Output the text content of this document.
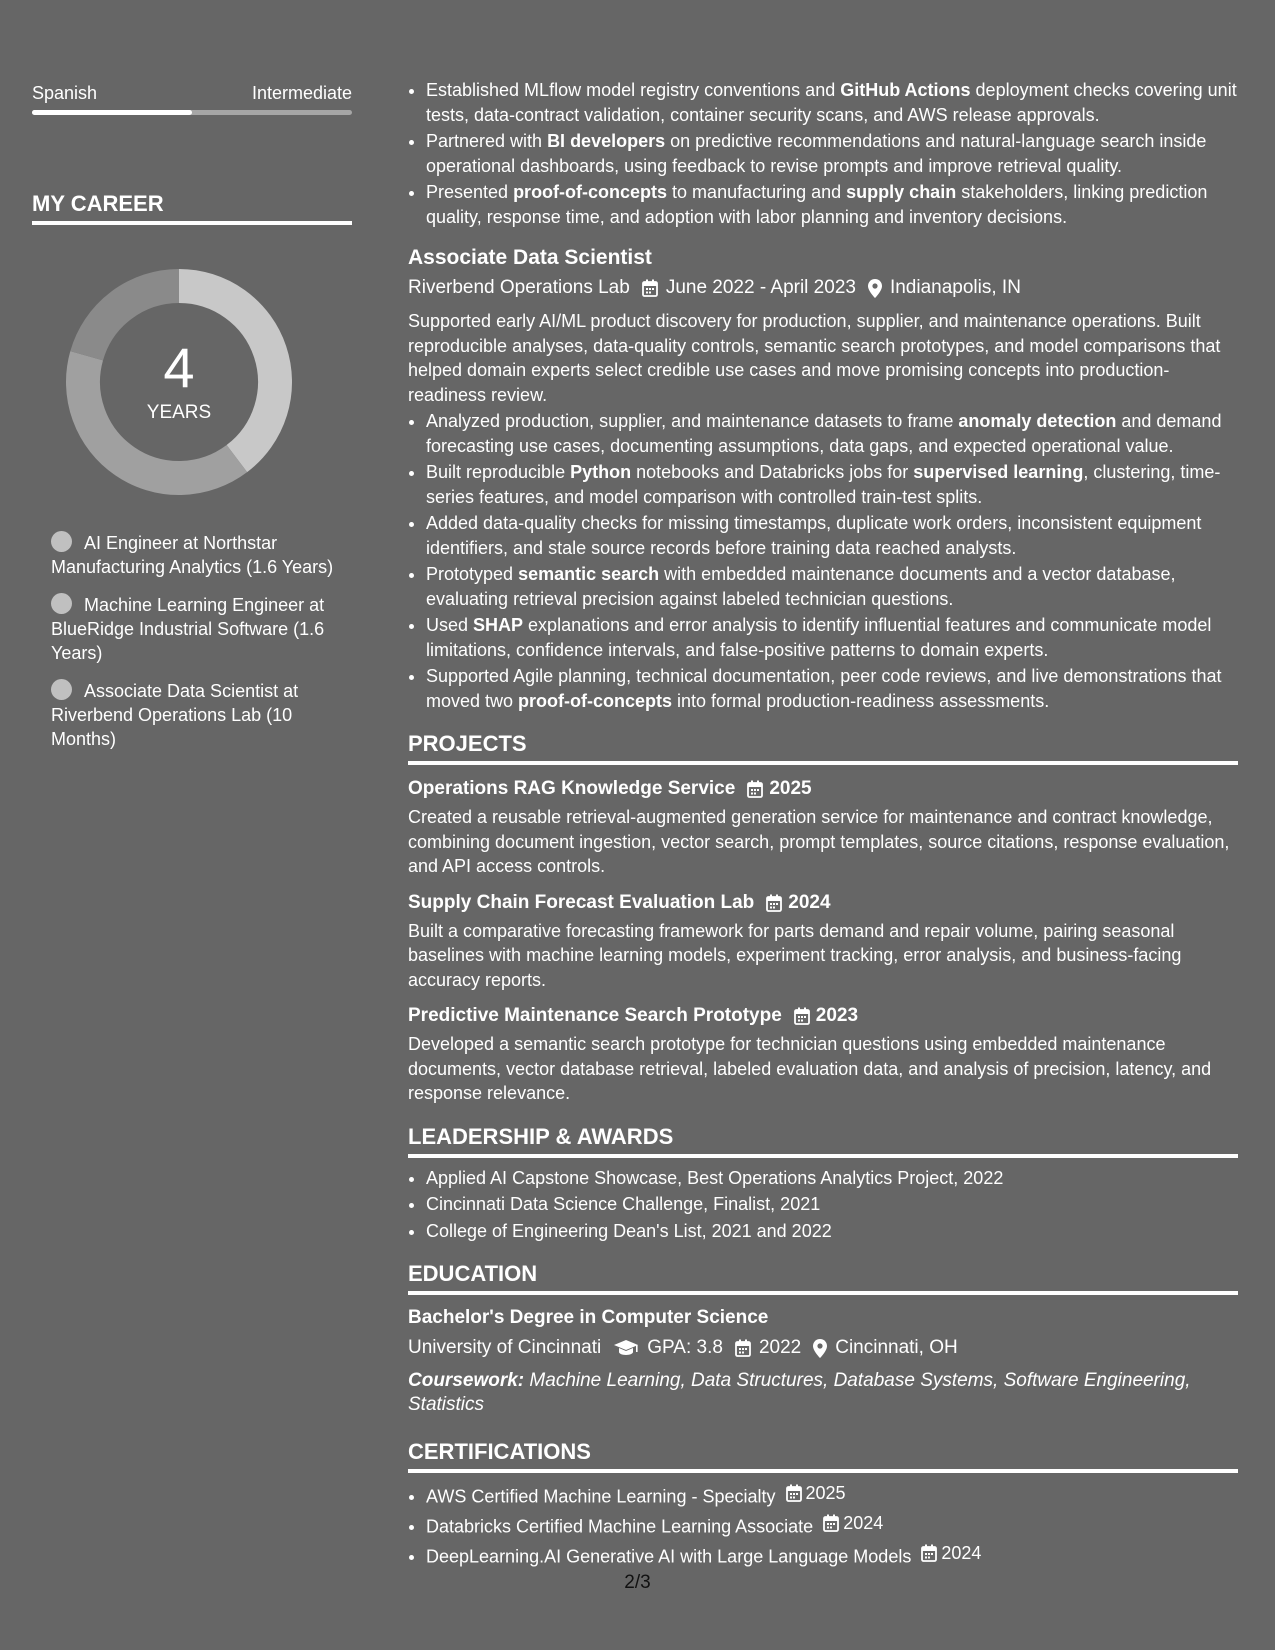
Spanish	Intermediate
MY CAREER
4
YEARS
AI Engineer at Northstar Manufacturing Analytics (1.6 Years)
Machine Learning Engineer at BlueRidge Industrial Software (1.6 Years)
Associate Data Scientist at Riverbend Operations Lab (10 Months)
• Established MLflow model registry conventions and GitHub Actions deployment checks covering unit tests, data-contract validation, container security scans, and AWS release approvals.
• Partnered with BI developers on predictive recommendations and natural-language search inside operational dashboards, using feedback to revise prompts and improve retrieval quality.
• Presented proof-of-concepts to manufacturing and supply chain stakeholders, linking prediction quality, response time, and adoption with labor planning and inventory decisions.
Associate Data Scientist
Riverbend Operations Lab June 2022 - April 2023 Indianapolis, IN
Supported early AI/ML product discovery for production, supplier, and maintenance operations. Built reproducible analyses, data-quality controls, semantic search prototypes, and model comparisons that helped domain experts select credible use cases and move promising concepts into production-readiness review.
• Analyzed production, supplier, and maintenance datasets to frame anomaly detection and demand forecasting use cases, documenting assumptions, data gaps, and expected operational value.
• Built reproducible Python notebooks and Databricks jobs for supervised learning, clustering, time-series features, and model comparison with controlled train-test splits.
• Added data-quality checks for missing timestamps, duplicate work orders, inconsistent equipment identifiers, and stale source records before training data reached analysts.
• Prototyped semantic search with embedded maintenance documents and a vector database, evaluating retrieval precision against labeled technician questions.
• Used SHAP explanations and error analysis to identify influential features and communicate model limitations, confidence intervals, and false-positive patterns to domain experts.
• Supported Agile planning, technical documentation, peer code reviews, and live demonstrations that moved two proof-of-concepts into formal production-readiness assessments.
PROJECTS
Operations RAG Knowledge Service 2025
Created a reusable retrieval-augmented generation service for maintenance and contract knowledge, combining document ingestion, vector search, prompt templates, source citations, response evaluation, and API access controls.
Supply Chain Forecast Evaluation Lab 2024
Built a comparative forecasting framework for parts demand and repair volume, pairing seasonal baselines with machine learning models, experiment tracking, error analysis, and business-facing accuracy reports.
Predictive Maintenance Search Prototype 2023
Developed a semantic search prototype for technician questions using embedded maintenance documents, vector database retrieval, labeled evaluation data, and analysis of precision, latency, and response relevance.
LEADERSHIP & AWARDS
• Applied AI Capstone Showcase, Best Operations Analytics Project, 2022
• Cincinnati Data Science Challenge, Finalist, 2021
• College of Engineering Dean's List, 2021 and 2022
EDUCATION
Bachelor's Degree in Computer Science
University of Cincinnati GPA: 3.8 2022 Cincinnati, OH
Coursework: Machine Learning, Data Structures, Database Systems, Software Engineering, Statistics
CERTIFICATIONS
• AWS Certified Machine Learning - Specialty 2025
• Databricks Certified Machine Learning Associate 2024
• DeepLearning.AI Generative AI with Large Language Models 2024
2/3
